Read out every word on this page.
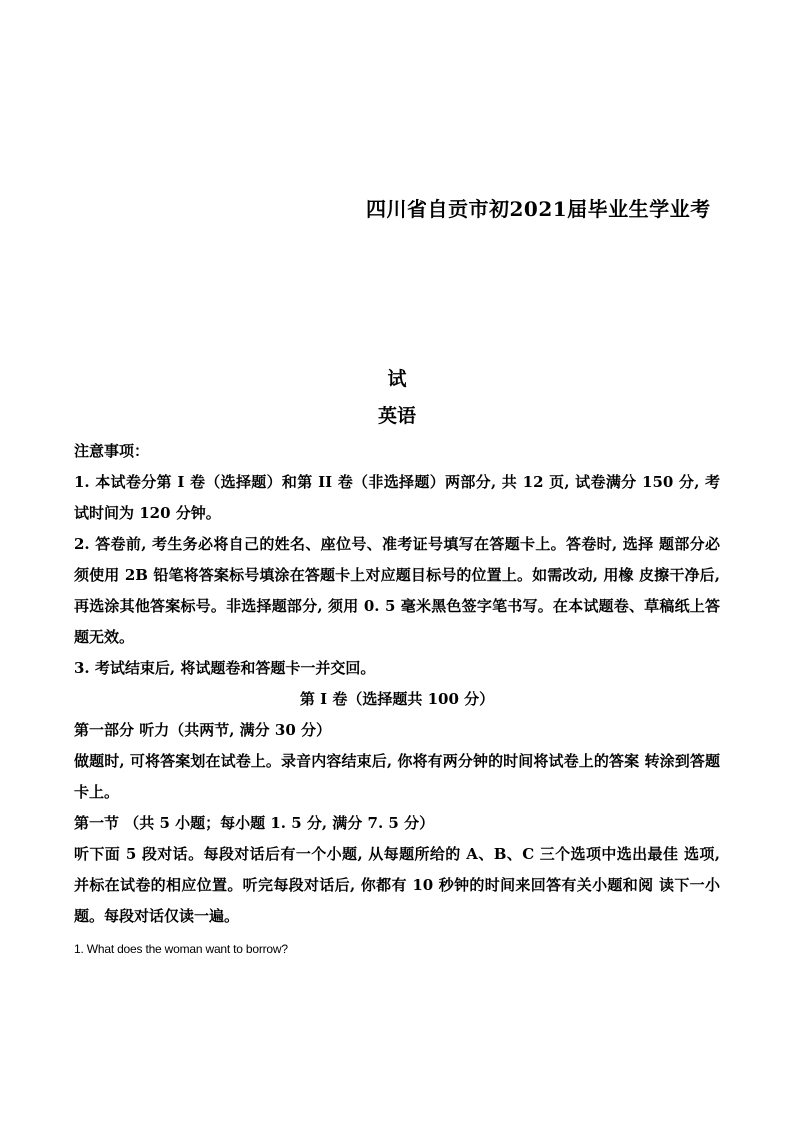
四川省自贡市初2021届毕业生学业考
试
英语

注意事项：

1. 本试卷分第 I 卷（选择题）和第 II 卷（非选择题）两部分, 共 12 页, 试卷满分 150 分, 考试时间为 120 分钟。

2. 答卷前, 考生务必将自己的姓名、座位号、准考证号填写在答题卡上。答卷时, 选择 题部分必须使用 2B 铅笔将答案标号填涂在答题卡上对应题目标号的位置上。如需改动, 用橡 皮擦干净后, 再选涂其他答案标号。非选择题部分, 须用 0. 5 毫米黑色签字笔书写。在本试题卷、草稿纸上答题无效。

3. 考试结束后, 将试题卷和答题卡一并交回。

第 I 卷（选择题共 100 分）

第一部分 听力（共两节, 满分 30 分）

做题时, 可将答案划在试卷上。录音内容结束后, 你将有两分钟的时间将试卷上的答案 转涂到答题卡上。

第一节 （共 5 小题；每小题 1. 5 分, 满分 7. 5 分）

听下面 5 段对话。每段对话后有一个小题, 从每题所给的 A、B、C 三个选项中选出最佳 选项, 并标在试卷的相应位置。听完每段对话后, 你都有 10 秒钟的时间来回答有关小题和阅 读下一小题。每段对话仅读一遍。

1. What does the woman want to borrow?
